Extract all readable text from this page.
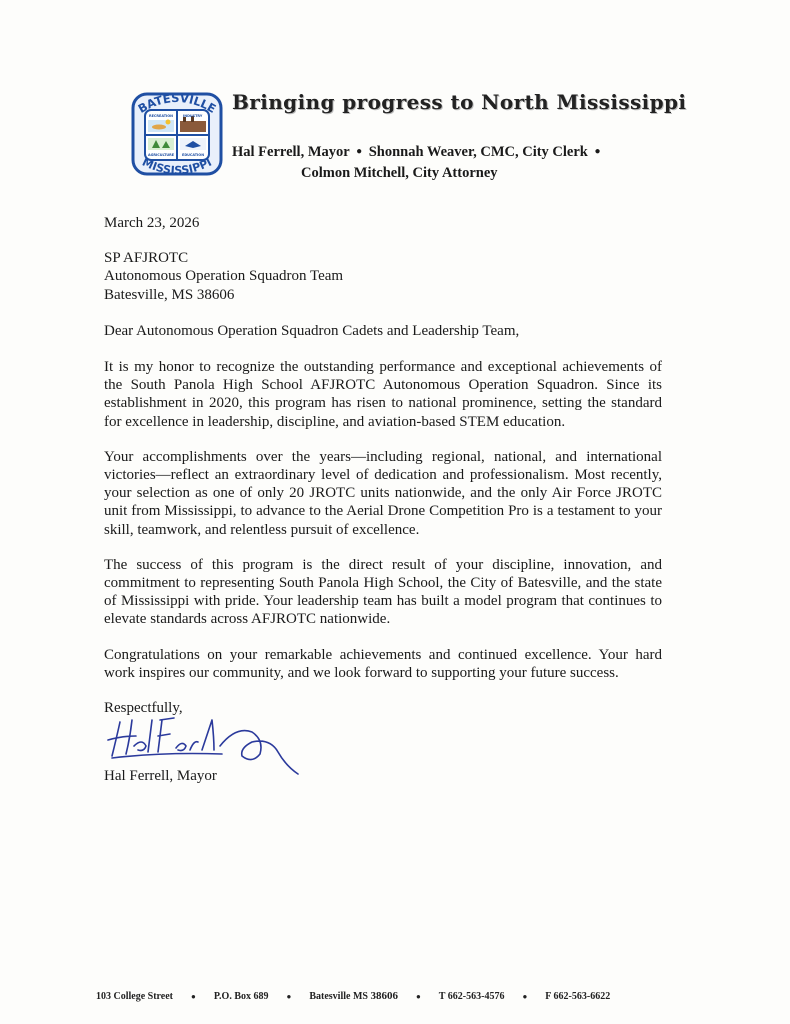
RECREATION	INDUSTRY AGRICULTURE EDUCATION
BATESVILLE
MISSISSIPPI
Bringing progress to North Mississippi
Hal Ferrell, Mayor ● Shonnah Weaver, CMC, City Clerk ●
Colmon Mitchell, City Attorney

March 23, 2026

SP AFJROTC

Autonomous Operation Squadron Team

Batesville, MS 38606

Dear Autonomous Operation Squadron Cadets and Leadership Team,

It is my honor to recognize the outstanding performance and exceptional achievements of the South Panola High School AFJROTC Autonomous Operation Squadron. Since its establishment in 2020, this program has risen to national prominence, setting the standard for excellence in leadership, discipline, and aviation-based STEM education.

Your accomplishments over the years—including regional, national, and international victories—reflect an extraordinary level of dedication and professionalism. Most recently, your selection as one of only 20 JROTC units nationwide, and the only Air Force JROTC unit from Mississippi, to advance to the Aerial Drone Competition Pro is a testament to your skill, teamwork, and relentless pursuit of excellence.

The success of this program is the direct result of your discipline, innovation, and commitment to representing South Panola High School, the City of Batesville, and the state of Mississippi with pride. Your leadership team has built a model program that continues to elevate standards across AFJROTC nationwide.

Congratulations on your remarkable achievements and continued excellence. Your hard work inspires our community, and we look forward to supporting your future success.

Respectfully,

Hal Ferrell, Mayor
103 College Street ● P.O. Box 689 ● Batesville MS
38606 ● T 662-563-4576 ● F 662-563-6622
